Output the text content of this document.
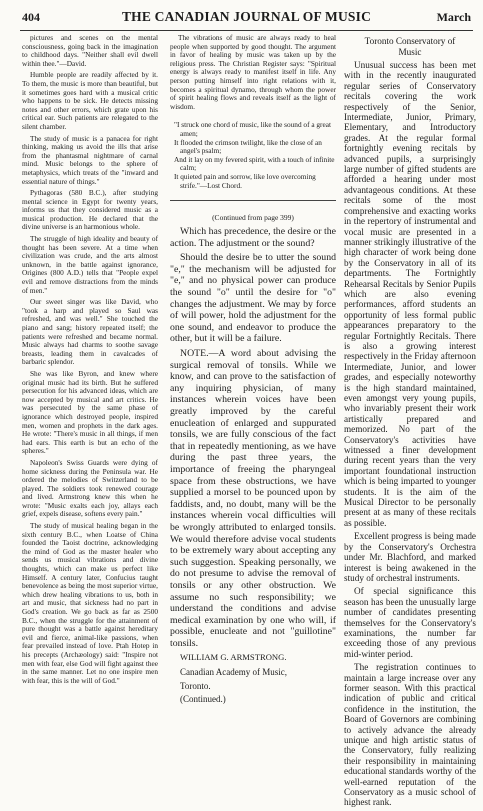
404	THE CANADIAN JOURNAL OF MUSIC	March

pictures and scenes on the mental consciousness, going back in the imagination to childhood days. "Neither shall evil dwell within thee."—David.

Humble people are readily affected by it. To them, the music is more than beautiful, but it sometimes goes hard with a musical critic who happens to be sick. He detects missing notes and other errors, which grate upon his critical ear. Such patients are relegated to the silent chamber.

The study of music is a panacea for right thinking, making us avoid the ills that arise from the phantasmal nightmare of carnal mind. Music belongs to the sphere of metaphysics, which treats of the "inward and essential nature of things."

Pythagoras (580 B.C.), after studying mental science in Egypt for twenty years, informs us that they considered music as a musical production. He declared that the divine universe is an harmonious whole.

The struggle of high ideality and beauty of thought has been severe. At a time when civilization was crude, and the arts almost unknown, in the battle against ignorance, Origines (800 A.D.) tells that "People expel evil and remove distractions from the minds of men."

Our sweet singer was like David, who "took a harp and played so Saul was refreshed, and was well." She touched the piano and sang; history repeated itself; the patients were refreshed and became normal. Music always had charms to soothe savage breasts, leading them in cavalcades of barbaric splendor.

She was like Byron, and knew where original music had its birth. But he suffered persecution for his advanced ideas, which are now accepted by musical and art critics. He was persecuted by the same phase of ignorance which destroyed people, inspired men, women and prophets in the dark ages. He wrote: "There's music in all things, if men had ears. This earth is but an echo of the spheres."

Napoleon's Swiss Guards were dying of home sickness during the Peninsula war. He ordered the melodies of Switzerland to be played. The soldiers took renewed courage and lived. Armstrong knew this when he wrote: "Music exalts each joy, allays each grief, expels disease, softens every pain."

The study of musical healing began in the sixth century B.C., when Loatse of China founded the Taoist doctrine, acknowledging the mind of God as the master healer who sends us musical vibrations and divine thoughts, which can make us perfect like Himself. A century later, Confucius taught benevolence as being the most superior virtue, which drew healing vibrations to us, both in art and music, that sickness had no part in God's creation. We go back as far as 2500 B.C., when the struggle for the attainment of pure thought was a battle against hereditary evil and fierce, animal-like passions, when fear prevailed instead of love. Ptah Hotep in his precepts (Archæology) said: "Inspire not men with fear, else God will fight against thee in the same manner. Let no one inspire men with fear, this is the will of God."

The vibrations of music are always ready to heal people when supported by good thought. The argument in favor of healing by music was taken up by the religious press. The Christian Register says: "Spiritual energy is always ready to manifest itself in life. Any person putting himself into right relations with it, becomes a spiritual dynamo, through whom the power of spirit healing flows and reveals itself as the light of wisdom.

"I struck one chord of music, like the sound of a great amen;
It flooded the crimson twilight, like the close of an angel's psalm;
And it lay on my fevered spirit, with a touch of infinite calm;
It quieted pain and sorrow, like love overcoming strife."—Lost Chord.
(Continued from page 399)

Which has precedence, the desire or the action. The adjustment or the sound?

Should the desire be to utter the sound "e," the mechanism will be adjusted for "e," and no physical power can produce the sound "o" until the desire for "o" changes the adjustment. We may by force of will power, hold the adjustment for the one sound, and endeavor to produce the other, but it will be a failure.

NOTE.—A word about advising the surgical removal of tonsils. While we know, and can prove to the satisfaction of any inquiring physician, of many instances wherein voices have been greatly improved by the careful enucleation of enlarged and suppurated tonsils, we are fully conscious of the fact that in repeatedly mentioning, as we have during the past three years, the importance of freeing the pharyngeal space from these obstructions, we have supplied a morsel to be pounced upon by faddists, and, no doubt, many will be the instances wherein vocal difficulties will be wrongly attributed to enlarged tonsils. We would therefore advise vocal students to be extremely wary about accepting any such suggestion. Speaking personally, we do not presume to advise the removal of tonsils or any other obstruction. We assume no such responsibility; we understand the conditions and advise medical examination by one who will, if possible, enucleate and not "guillotine" tonsils.

WILLIAM G. ARMSTRONG.

Canadian Academy of Music,

Toronto.

(Continued.)

Toronto Conservatory of
Music

Unusual success has been met with in the recently inaugurated regular series of Conservatory recitals covering the work respectively of the Senior, Intermediate, Junior, Primary, Elementary, and Introductory grades. At the regular formal fortnightly evening recitals by advanced pupils, a surprisingly large number of gifted students are afforded a hearing under most advantageous conditions. At these recitals some of the most comprehensive and exacting works in the repertory of instrumental and vocal music are presented in a manner strikingly illustrative of the high character of work being done by the Conservatory in all of its departments. The Fortnightly Rehearsal Recitals by Senior Pupils which are also evening performances, afford students an opportunity of less formal public appearances preparatory to the regular Fortnightly Recitals. There is also a growing interest respectively in the Friday afternoon Intermediate, Junior, and lower grades, and especially noteworthy is the high standard maintained, even amongst very young pupils, who invariably present their work artistically prepared and memorized. No part of the Conservatory's activities have witnessed a finer development during recent years than the very important foundational instruction which is being imparted to younger students. It is the aim of the Musical Director to be personally present at as many of these recitals as possible.

Excellent progress is being made by the Conservatory's Orchestra under Mr. Blachford, and marked interest is being awakened in the study of orchestral instruments.

Of special significance this season has been the unusually large number of candidates presenting themselves for the Conservatory's examinations, the number far exceeding those of any previous mid-winter period.

The registration continues to maintain a large increase over any former season. With this practical indication of public and critical confidence in the institution, the Board of Governors are combining to actively advance the already unique and high artistic status of the Conservatory, fully realizing their responsibility in maintaining educational standards worthy of the well-earned reputation of the Conservatory as a music school of highest rank.
